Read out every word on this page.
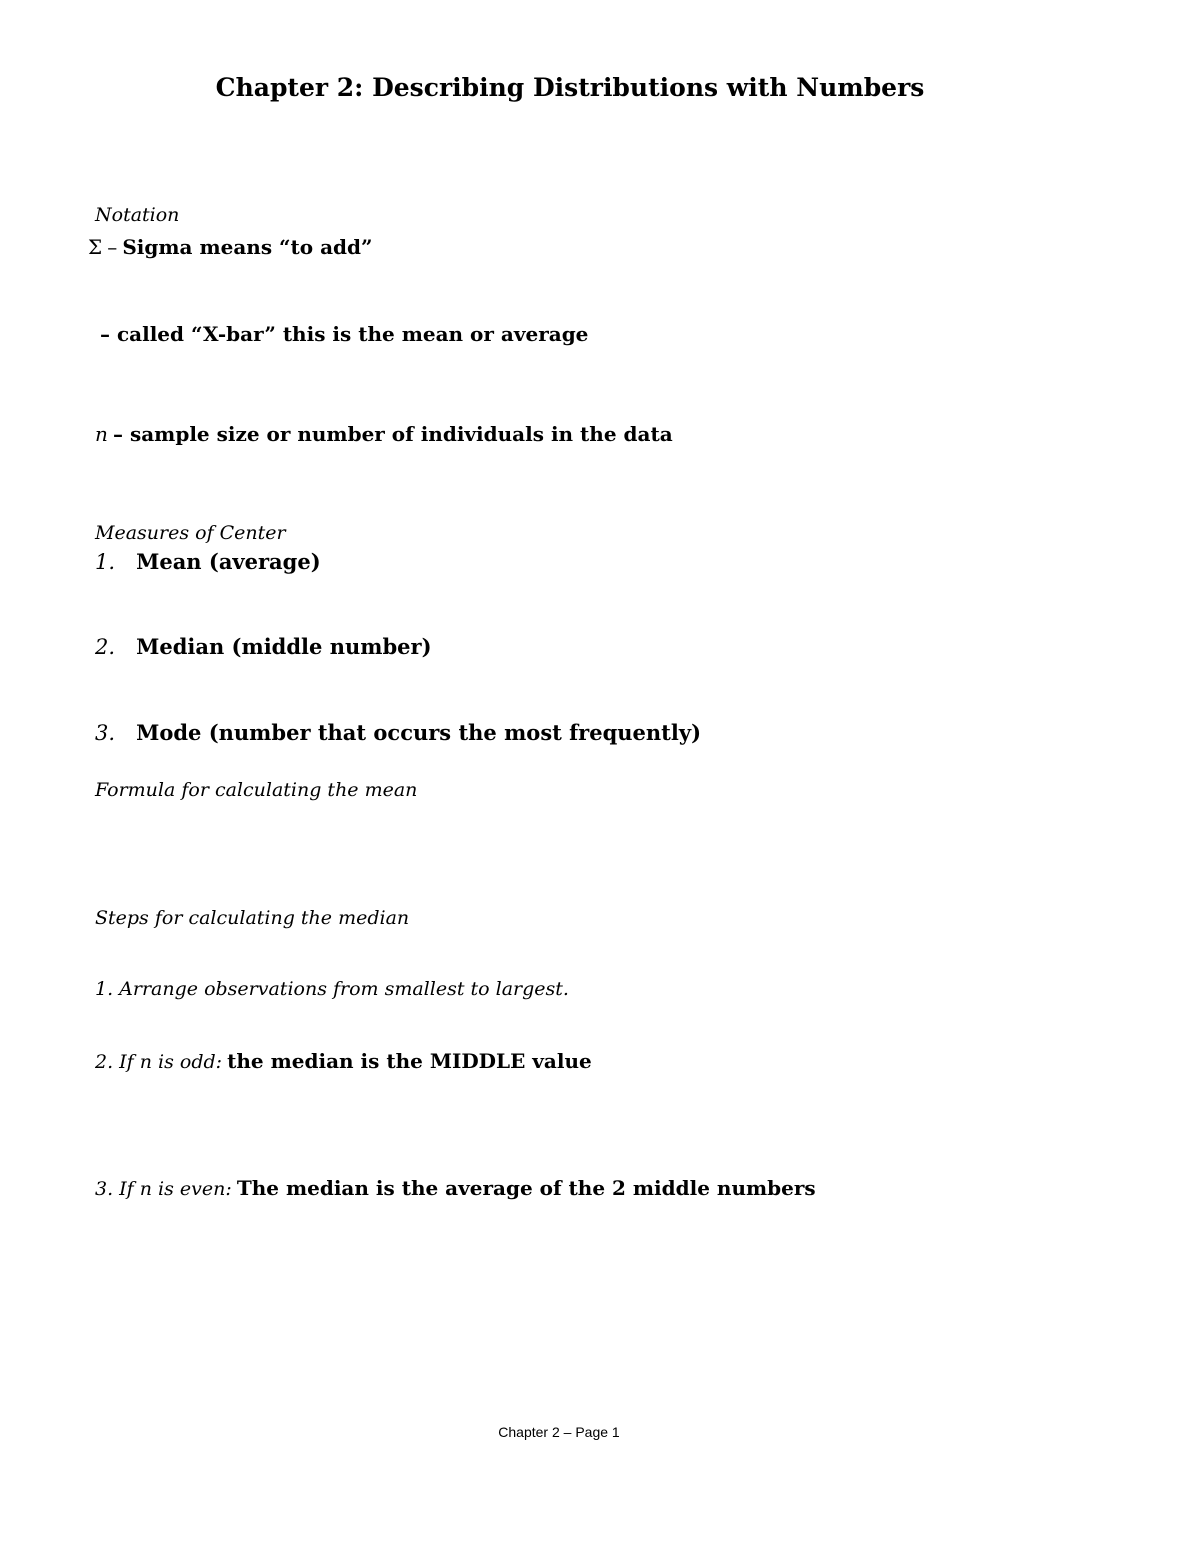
Chapter 2: Describing Distributions with Numbers
Notation
Σ – Sigma means “to add”
– called “X-bar” this is the mean or average
n – sample size or number of individuals in the data
Measures of Center
1. Mean (average)
2. Median (middle number)
3. Mode (number that occurs the most frequently)
Formula for calculating the mean
Steps for calculating the median
1. Arrange observations from smallest to largest.
2. If n is odd: the median is the MIDDLE value
3. If n is even: The median is the average of the 2 middle numbers
Chapter 2 – Page 1
